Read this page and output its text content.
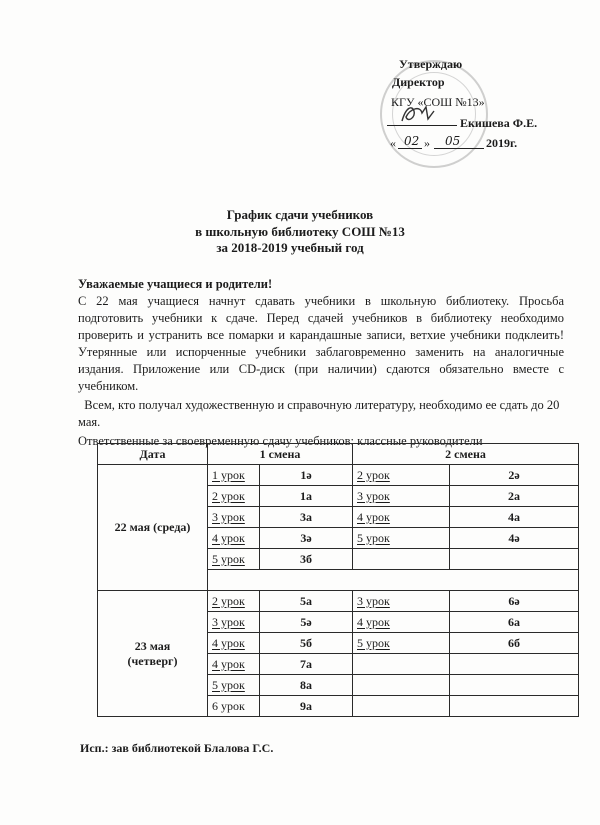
Утверждаю
Директор
КГУ «СОШ №13»
Екишева Ф.Е.
« 02 » 05 2019г.
График сдачи учебников
в школьную библиотеку СОШ №13
за 2018-2019 учебный год

Уважаемые учащиеся и родители!

С 22 мая учащиеся начнут сдавать учебники в школьную библиотеку. Просьба подготовить учебники к сдаче. Перед сдачей учебников в библиотеку необходимо проверить и устранить все помарки и карандашные записи, ветхие учебники подклеить! Утерянные или испорченные учебники заблаговременно заменить на аналогичные издания. Приложение или CD-диск (при наличии) сдаются обязательно вместе с учебником.

Всем, кто получал художественную и справочную литературу, необходимо ее сдать до 20 мая.

Ответственные за своевременную сдачу учебников: классные руководители

Дата	1 смена		2 смена	
22 мая (среда)	1 урок	1ә	2 урок	2ә
	2 урок	1а	3 урок	2а
	3 урок	3а	4 урок	4а
	4 урок	3ә	5 урок	4ә
	5 урок	3б		

23 мая
(четверг)	2 урок	5а	3 урок	6ә
	3 урок	5ә	4 урок	6а
	4 урок	5б	5 урок	6б
	4 урок	7а		
	5 урок	8а		
	6 урок	9а		
Исп.: зав библиотекой Блалова Г.С.
